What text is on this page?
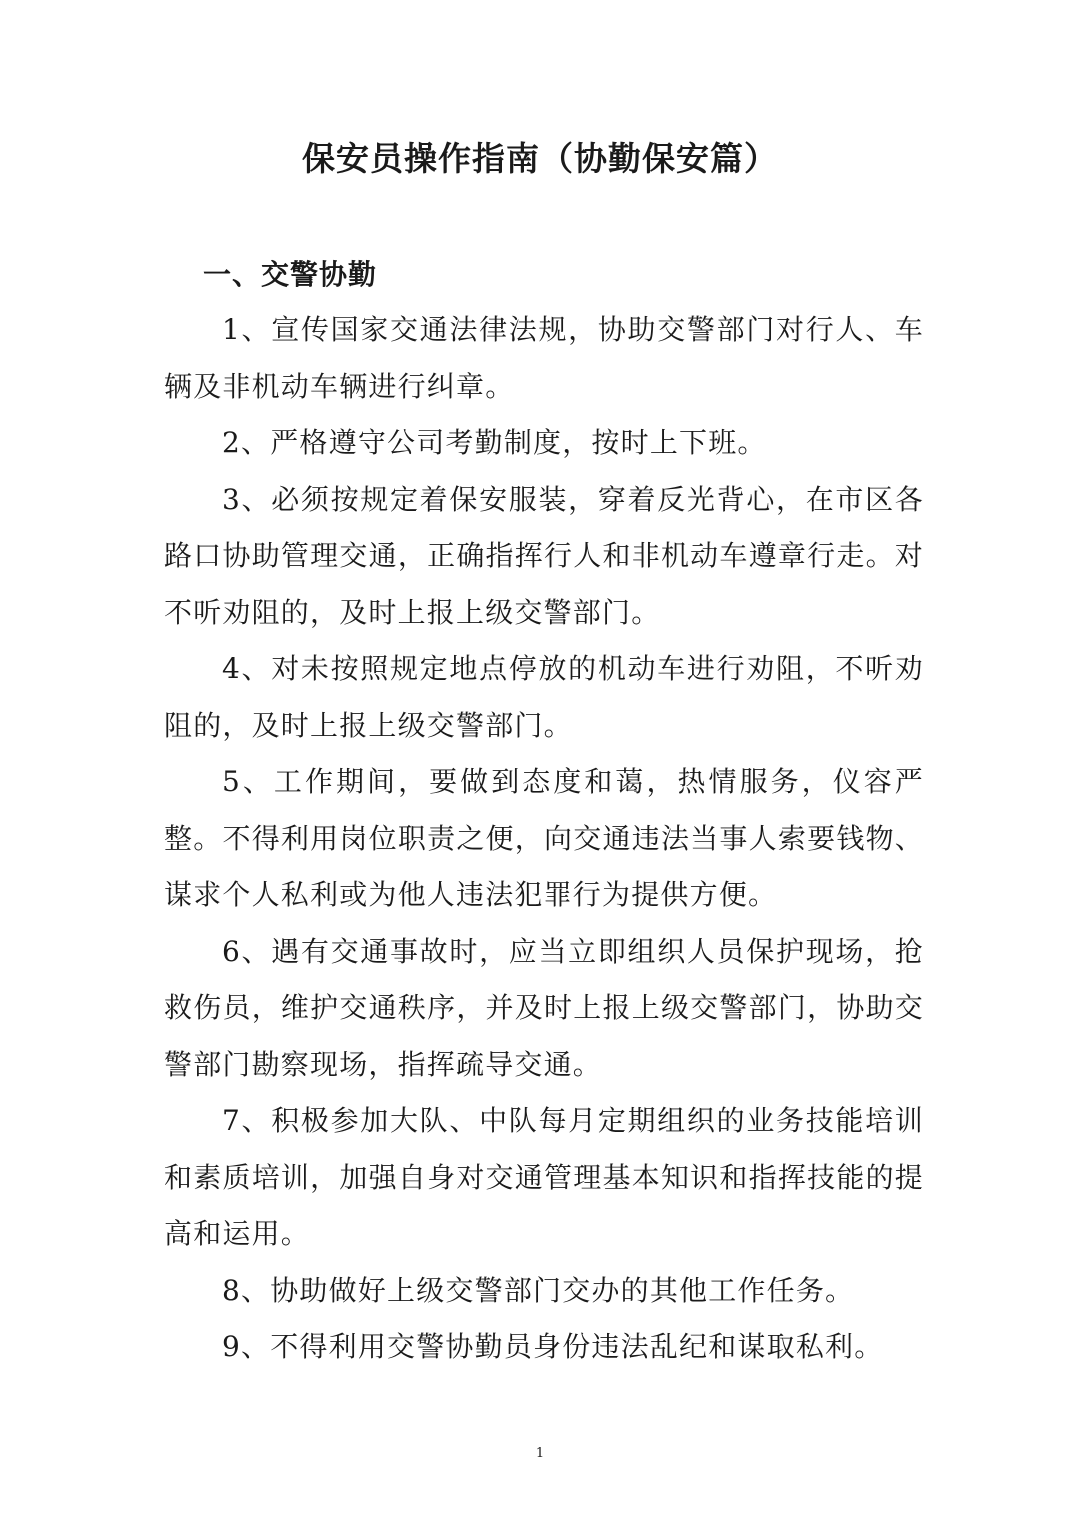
保安员操作指南（协勤保安篇）
一、交警协勤

1、宣传国家交通法律法规，协助交警部门对行人、车辆及非机动车辆进行纠章。

2、严格遵守公司考勤制度，按时上下班。

3、必须按规定着保安服装，穿着反光背心，在市区各路口协助管理交通，正确指挥行人和非机动车遵章行走。对不听劝阻的，及时上报上级交警部门。

4、对未按照规定地点停放的机动车进行劝阻，不听劝阻的，及时上报上级交警部门。

5、工作期间，要做到态度和蔼，热情服务，仪容严整。不得利用岗位职责之便，向交通违法当事人索要钱物、谋求个人私利或为他人违法犯罪行为提供方便。

6、遇有交通事故时，应当立即组织人员保护现场，抢救伤员，维护交通秩序，并及时上报上级交警部门，协助交警部门勘察现场，指挥疏导交通。

7、积极参加大队、中队每月定期组织的业务技能培训和素质培训，加强自身对交通管理基本知识和指挥技能的提高和运用。

8、协助做好上级交警部门交办的其他工作任务。

9、不得利用交警协勤员身份违法乱纪和谋取私利。

1
